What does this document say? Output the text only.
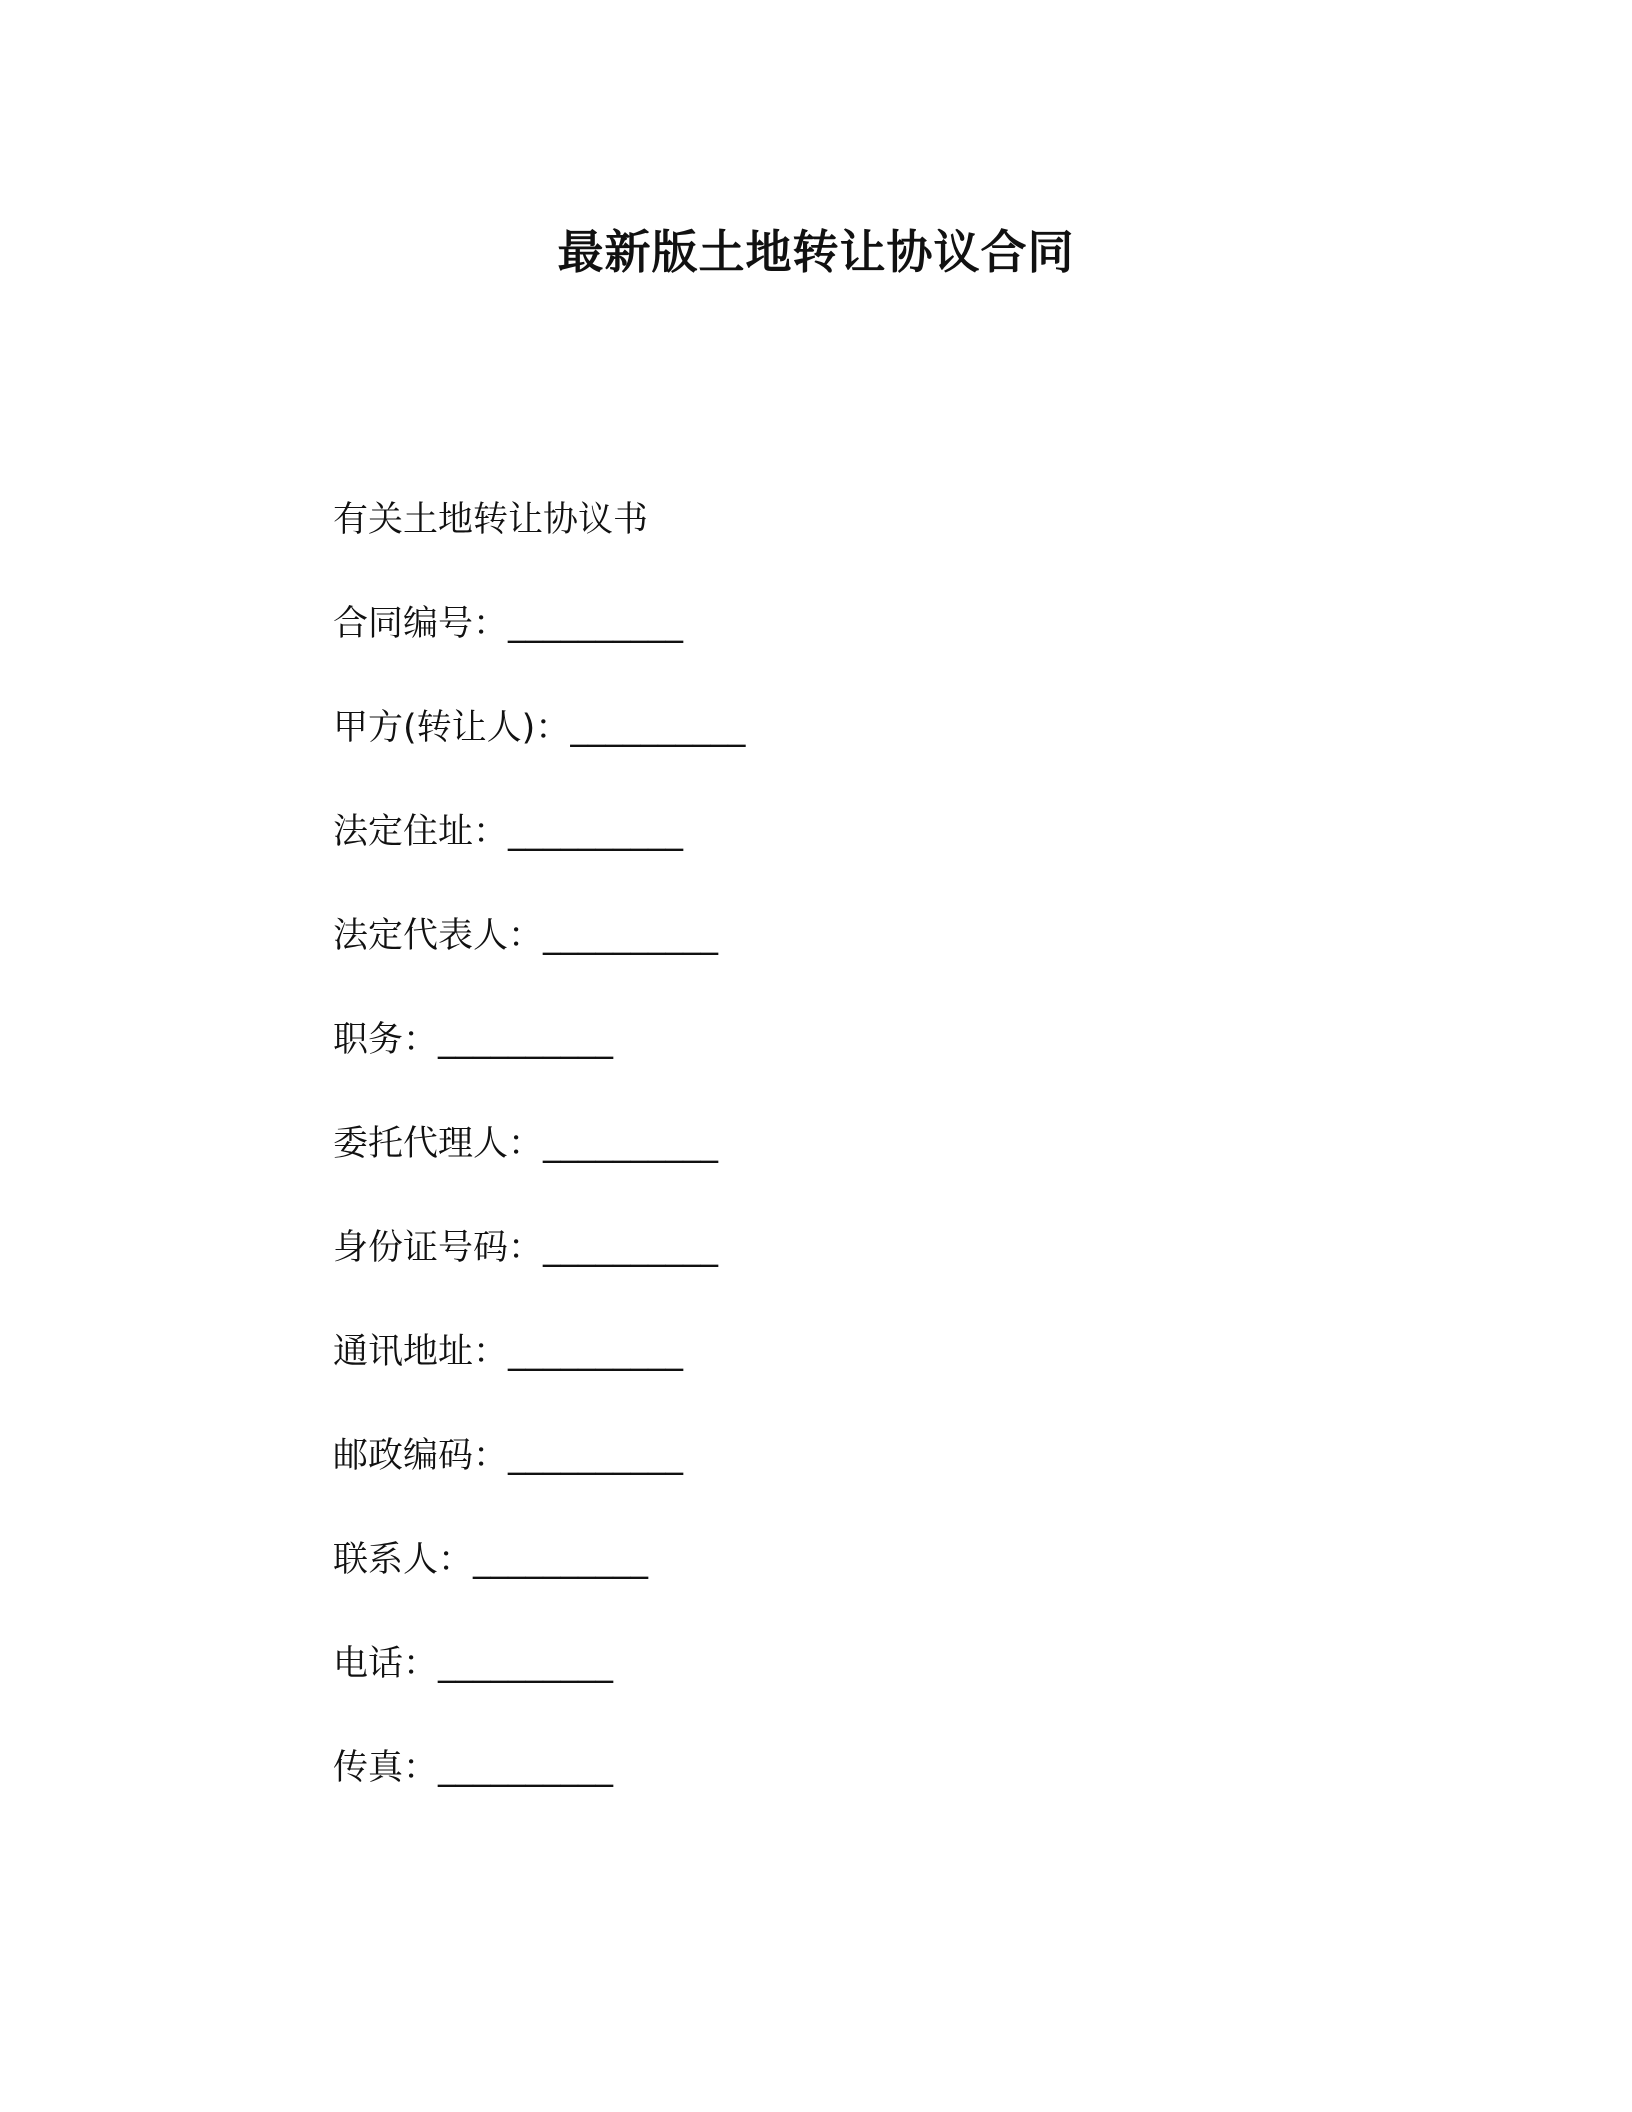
最新版土地转让协议合同

有关土地转让协议书

合同编号：__________
甲方(转让人)：__________
法定住址：__________
法定代表人：__________
职务：__________
委托代理人：__________
身份证号码：__________
通讯地址：__________
邮政编码：__________
联系人：__________
电话：__________
传真：__________
